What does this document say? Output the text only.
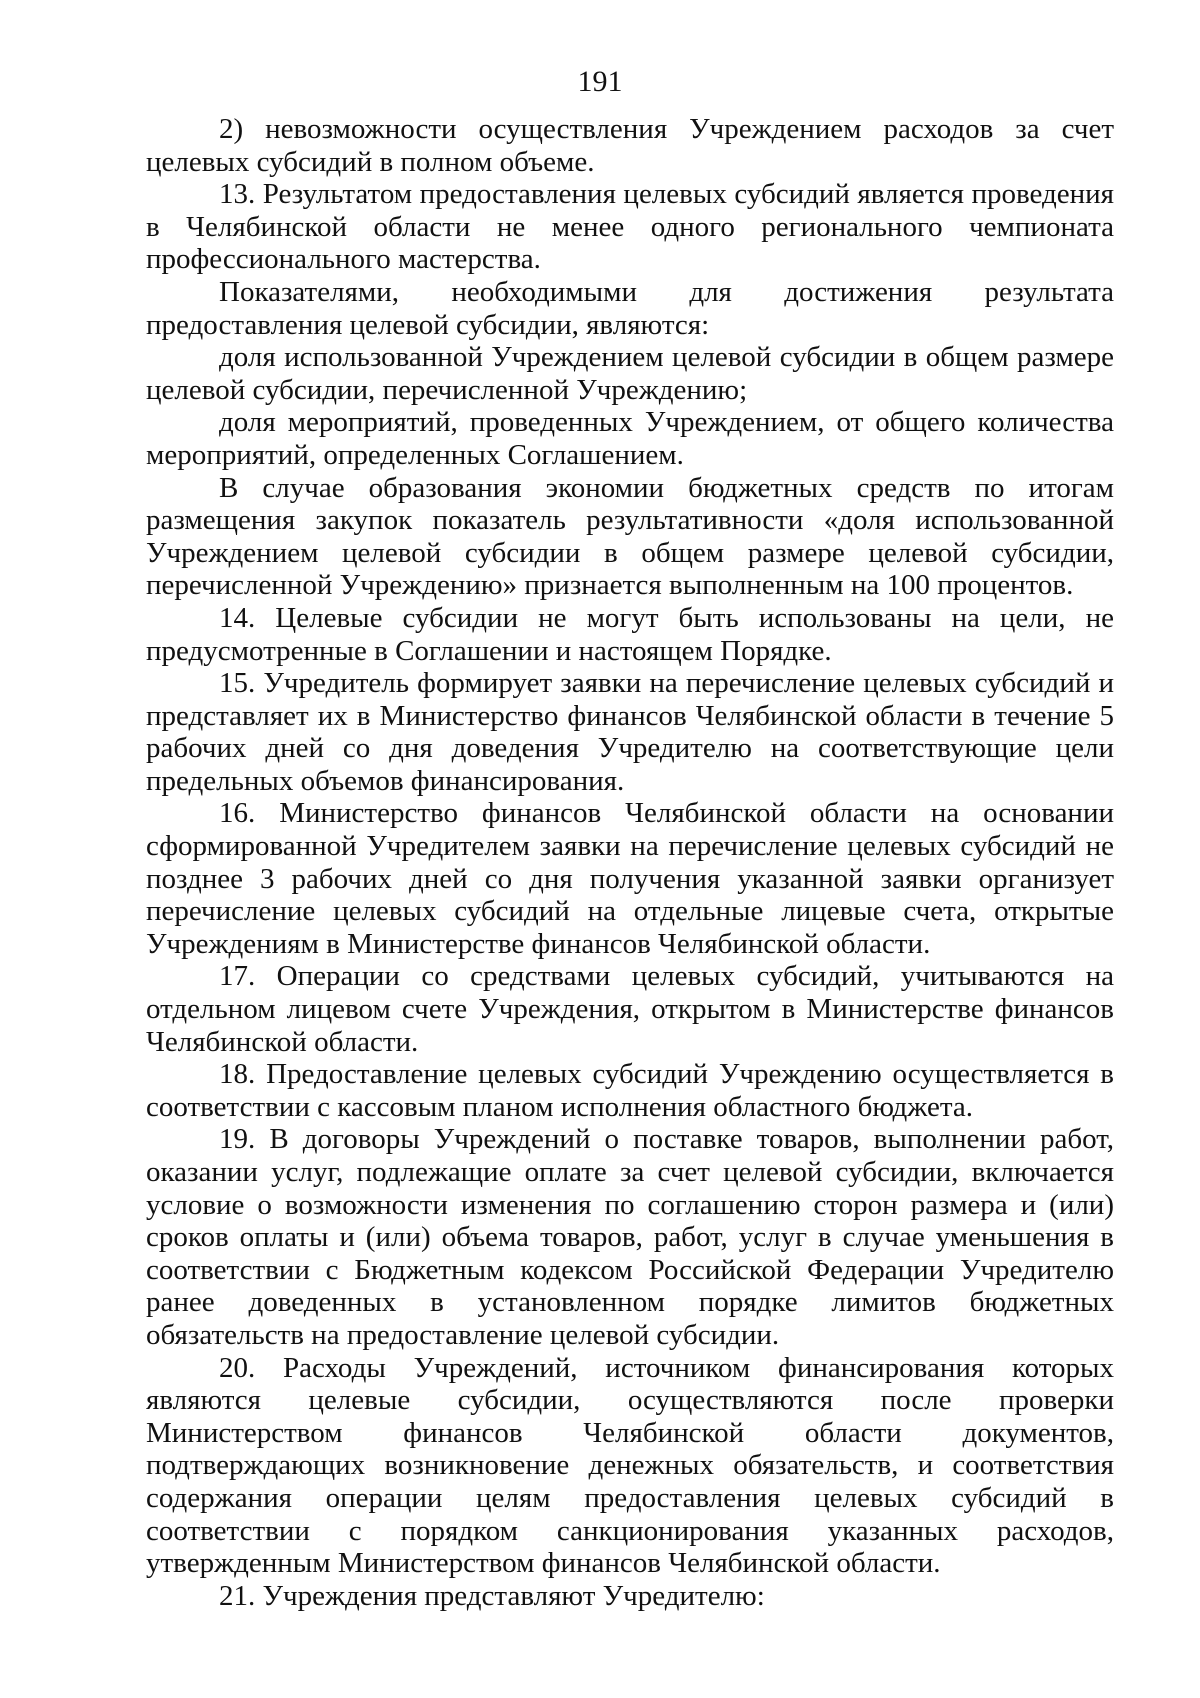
191

2) невозможности осуществления Учреждением расходов за счет целевых субсидий в полном объеме.

13. Результатом предоставления целевых субсидий является проведения в Челябинской области не менее одного регионального чемпионата профессионального мастерства.

Показателями, необходимыми для достижения результата предоставления целевой субсидии, являются:

доля использованной Учреждением целевой субсидии в общем размере целевой субсидии, перечисленной Учреждению;

доля мероприятий, проведенных Учреждением, от общего количества мероприятий, определенных Соглашением.

В случае образования экономии бюджетных средств по итогам размещения закупок показатель результативности «доля использованной Учреждением целевой субсидии в общем размере целевой субсидии, перечисленной Учреждению» признается выполненным на 100 процентов.

14. Целевые субсидии не могут быть использованы на цели, не предусмотренные в Соглашении и настоящем Порядке.

15. Учредитель формирует заявки на перечисление целевых субсидий и представляет их в Министерство финансов Челябинской области в течение 5 рабочих дней со дня доведения Учредителю на соответствующие цели предельных объемов финансирования.

16. Министерство финансов Челябинской области на основании сформированной Учредителем заявки на перечисление целевых субсидий не позднее 3 рабочих дней со дня получения указанной заявки организует перечисление целевых субсидий на отдельные лицевые счета, открытые Учреждениям в Министерстве финансов Челябинской области.

17. Операции со средствами целевых субсидий, учитываются на отдельном лицевом счете Учреждения, открытом в Министерстве финансов Челябинской области.

18. Предоставление целевых субсидий Учреждению осуществляется в соответствии с кассовым планом исполнения областного бюджета.

19. В договоры Учреждений о поставке товаров, выполнении работ, оказании услуг, подлежащие оплате за счет целевой субсидии, включается условие о возможности изменения по соглашению сторон размера и (или) сроков оплаты и (или) объема товаров, работ, услуг в случае уменьшения в соответствии с Бюджетным кодексом Российской Федерации Учредителю ранее доведенных в установленном порядке лимитов бюджетных обязательств на предоставление целевой субсидии.

20. Расходы Учреждений, источником финансирования которых являются целевые субсидии, осуществляются после проверки Министерством финансов Челябинской области документов, подтверждающих возникновение денежных обязательств, и соответствия содержания операции целям предоставления целевых субсидий в соответствии с порядком санкционирования указанных расходов, утвержденным Министерством финансов Челябинской области.

21. Учреждения представляют Учредителю:
